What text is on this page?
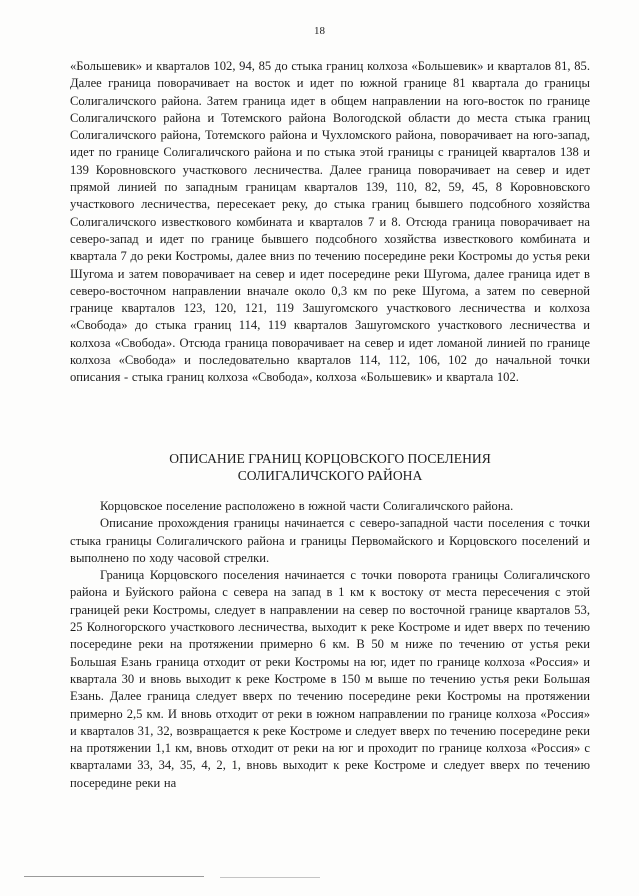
18

«Большевик» и кварталов 102, 94, 85 до стыка границ колхоза «Большевик» и кварталов 81, 85. Далее граница поворачивает на восток и идет по южной границе 81 квартала до границы Солигаличского района. Затем граница идет в общем направлении на юго-восток по границе Солигаличского района и Тотемского района Вологодской области до места стыка границ Солигаличского района, Тотемского района и Чухломского района, поворачивает на юго-запад, идет по границе Солигаличского района и по стыка этой границы с границей кварталов 138 и 139 Коровновского участкового лесничества. Далее граница поворачивает на север и идет прямой линией по западным границам кварталов 139, 110, 82, 59, 45, 8 Коровновского участкового лесничества, пересекает реку, до стыка границ бывшего подсобного хозяйства Солигаличского известкового комбината и кварталов 7 и 8. Отсюда граница поворачивает на северо-запад и идет по границе бывшего подсобного хозяйства известкового комбината и квартала 7 до реки Костромы, далее вниз по течению посередине реки Костромы до устья реки Шугома и затем поворачивает на север и идет посередине реки Шугома, далее граница идет в северо-восточном направлении вначале около 0,3 км по реке Шугома, а затем по северной границе кварталов 123, 120, 121, 119 Зашугомского участкового лесничества и колхоза «Свобода» до стыка границ 114, 119 кварталов Зашугомского участкового лесничества и колхоза «Свобода». Отсюда граница поворачивает на север и идет ломаной линией по границе колхоза «Свобода» и последовательно кварталов 114, 112, 106, 102 до начальной точки описания - стыка границ колхоза «Свобода», колхоза «Большевик» и квартала 102.

ОПИСАНИЕ ГРАНИЦ КОРЦОВСКОГО ПОСЕЛЕНИЯ
СОЛИГАЛИЧСКОГО РАЙОНА

Корцовское поселение расположено в южной части Солигаличского района.

Описание прохождения границы начинается с северо-западной части поселения с точки стыка границы Солигаличского района и границы Первомайского и Корцовского поселений и выполнено по ходу часовой стрелки.

Граница Корцовского поселения начинается с точки поворота границы Солигаличского района и Буйского района с севера на запад в 1 км к востоку от места пересечения с этой границей реки Костромы, следует в направлении на север по восточной границе кварталов 53, 25 Колногорского участкового лесничества, выходит к реке Костроме и идет вверх по течению посередине реки на протяжении примерно 6 км. В 50 м ниже по течению от устья реки Большая Езань граница отходит от реки Костромы на юг, идет по границе колхоза «Россия» и квартала 30 и вновь выходит к реке Костроме в 150 м выше по течению устья реки Большая Езань. Далее граница следует вверх по течению посередине реки Костромы на протяжении примерно 2,5 км. И вновь отходит от реки в южном направлении по границе колхоза «Россия» и кварталов 31, 32, возвращается к реке Костроме и следует вверх по течению посередине реки на протяжении 1,1 км, вновь отходит от реки на юг и проходит по границе колхоза «Россия» с кварталами 33, 34, 35, 4, 2, 1, вновь выходит к реке Костроме и следует вверх по течению посередине реки на
